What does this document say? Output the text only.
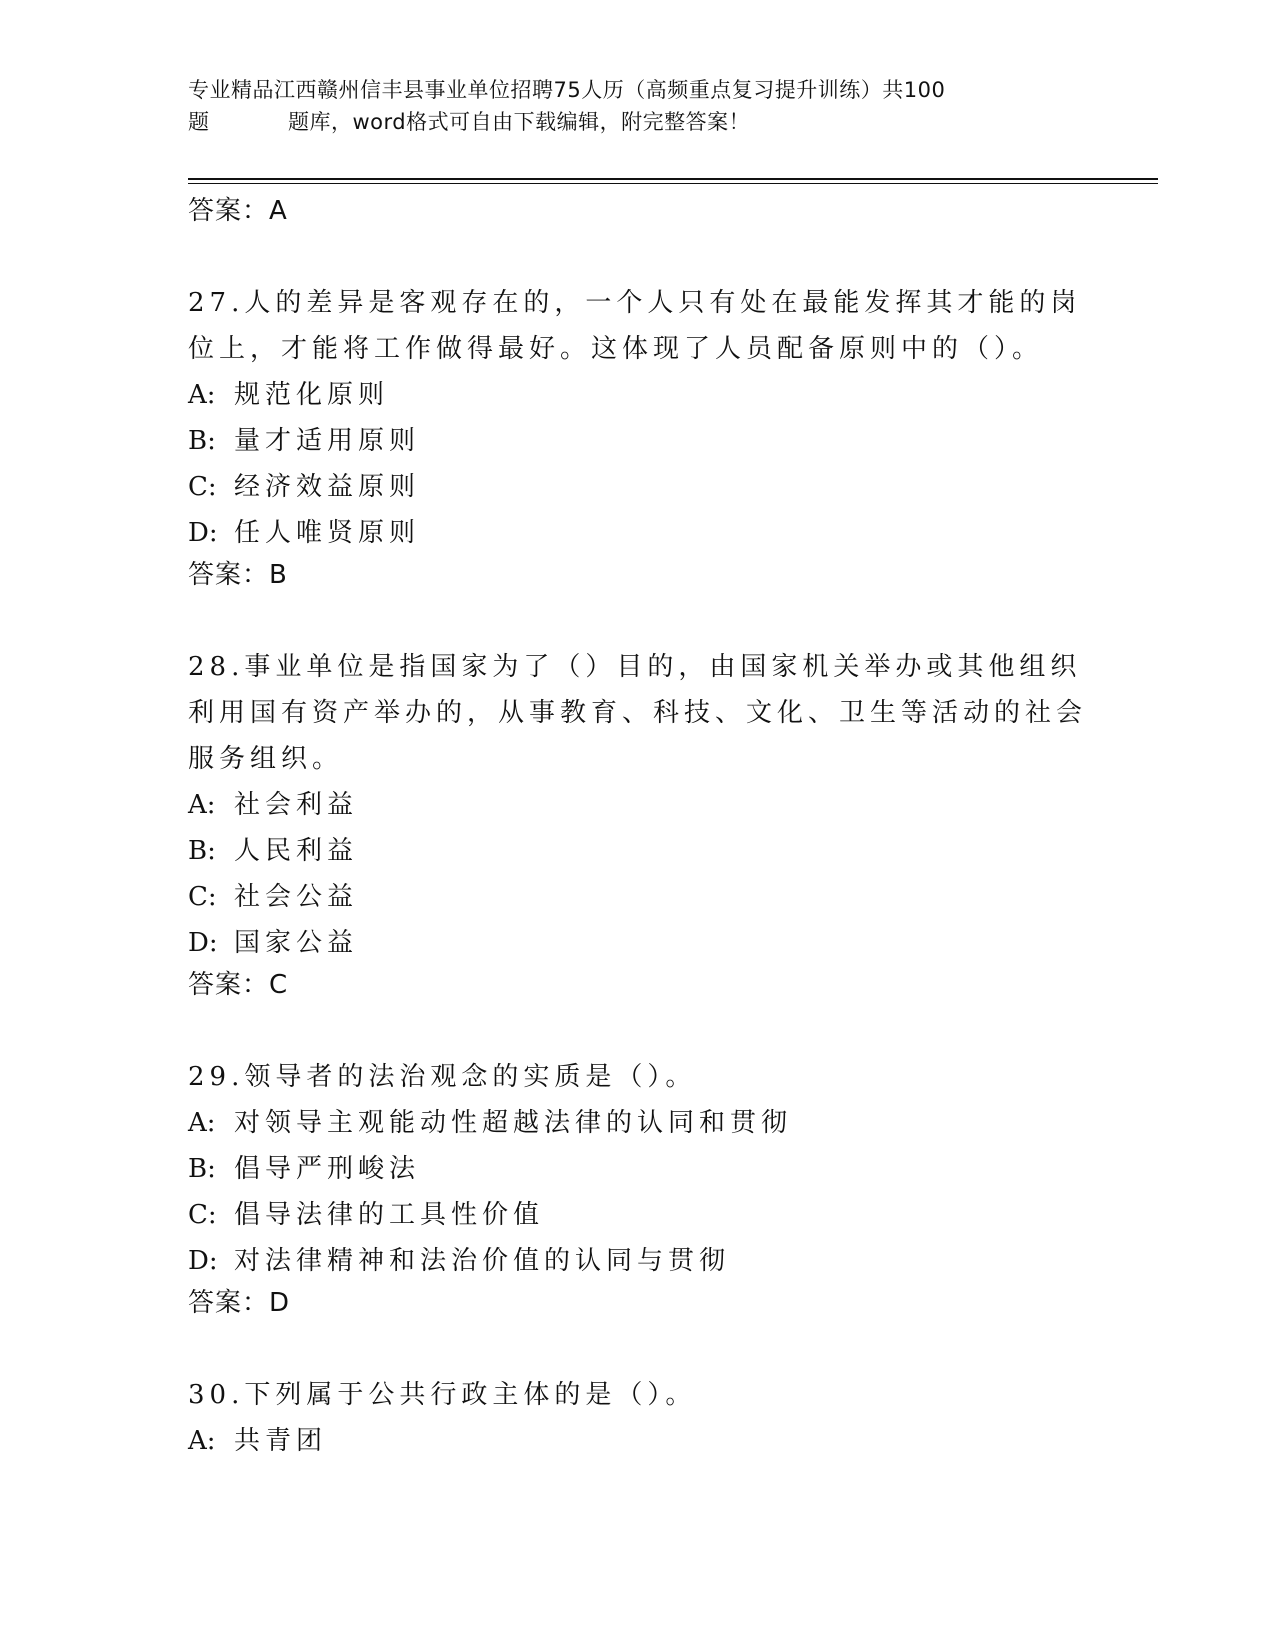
专业精品江西赣州信丰县事业单位招聘75人历（高频重点复习提升训练）共100
题	题库，word格式可自由下载编辑，附完整答案！
答案：A
27.人的差异是客观存在的，一个人只有处在最能发挥其才能的岗位上，才能将工作做得最好。这体现了人员配备原则中的（）。
A: 规范化原则
B: 量才适用原则
C: 经济效益原则
D: 任人唯贤原则
答案：B
28.事业单位是指国家为了（）目的，由国家机关举办或其他组织利用国有资产举办的，从事教育、科技、文化、卫生等活动的社会服务组织。
A: 社会利益
B: 人民利益
C: 社会公益
D: 国家公益
答案：C
29.领导者的法治观念的实质是（）。
A: 对领导主观能动性超越法律的认同和贯彻
B: 倡导严刑峻法
C: 倡导法律的工具性价值
D: 对法律精神和法治价值的认同与贯彻
答案：D
30.下列属于公共行政主体的是（）。
A: 共青团
